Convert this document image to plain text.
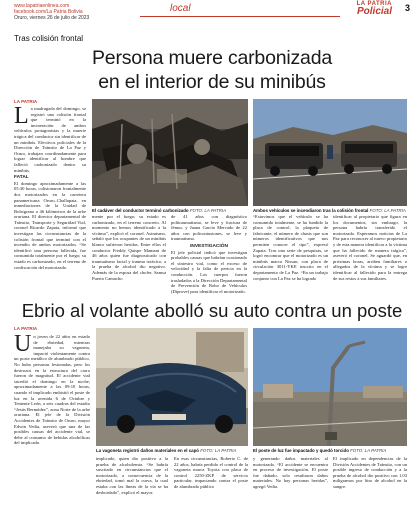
www.lapatriaenlinea.com
facebook.com/La Patria Bolivia
Oruro, viernes 26 de julio de 2023
local	LA PATRIA
Policial 3
Tras colisión frontal
Persona muere carbonizada
en el interior de su minibús
LA PATRIA
La madrugada del domingo, se registró una colisión frontal que terminó en la incineración de ambos vehículos protagonistas y la muerte trágica del conductor sin identificar de un minibús. Efectivos policiales de la Dirección de Tránsito de La Paz y Oruro, trabajan coordinadamente para lograr identificar al hombre que falleció carbonizado dentro su minibús.
FATAL
El domingo aproximadamente a las 05:30 horas, colisionaron frontalmente dos motorizados en la carretera panamericana Oruro–Challapata, en inmediaciones de la Unidad de Bolsigrano a 46 kilómetros de la urbe oruriana. El director departamental de Tránsito, Transporte y Seguridad Vial, coronel Ricardo Zapata, informó que investigan las circunstancias de la colisión frontal que terminó con el incendio de ambos motorizados. “Se identificó una persona fallecida, fue consumida totalmente por el fuego; su estado es carbonizado, en el terreno de confiscación del motorizado.
El cadáver del conductor terminó carbonizado FOTO: LA PATRIA	Ambos vehículos se incendiaron tras la colisión frontal FOTO: LA PATRIA
mente por el fuego; su estado es carbonizado, en el terreno concreto. Al momento no hemos identificado a la víctima”, explicó el coronel. Asimismo, señaló que los ocupantes de un minibús blanco sufrieron heridas. Entre ellos el conductor Freddy Quispe Mamani de 46 años quien fue diagnosticado con traumatismo facial y trauma torácico, a la prueba de alcohol dio negativo. Además de la esposa del chofer, Samsa Puerto Camacho
de 41 años con diagnóstico politraumatismo, se leve y fractura de fémur, y Juana García Mercado de 22 años con policontusiones, se leve y traumatismo.
INVESTIGACIÓN
El jefe policial indicó que investigan probables causas que habrían ocasionado el siniestro vial, como el exceso de velocidad y la falta de pericia en la conducción. Los cuerpos fueron trasladados a la Dirección Departamental de Prevención de Robo de Vehículos (Diprove) para identificar el motorizado.
“Estuvimos que el vehículo se ha consumido totalmente, se ha fundido la placa de control, la plaqueta de fabricante, el número de chasis que son números identificativos que nos permiten conocer el tipo”, expresó Zapata. Tras una serie de pesquisas, se logró encontrar que el motorizado es un minibús marca Nissan, con placa de circulación 3011-YKE inscrito en el departamento de La Paz. “En un trabajo conjunto con La Paz se ha logrado
identificar al propietario que figura en los documentos, sin embargo, la persona habría transferido el motorizado. Esperamos noticias de La Paz para reconocer al nuevo propietario y de esta manera identificar a la víctima que ha fallecido de manera trágica”, aseveró el coronel. Se aguardó que, en próximas horas, arriben familiares o allegados de la víctima y se logre identificar al fallecido para la entrega de sus restos a sus familiares.
Ebrio al volante abolló su auto contra un poste
LA PATRIA
Un joven de 22 años en estado de ebriedad, mientras manejaba su vagoneta, impactó violentamente contra un poste metálico de alumbrado público. No hubo personas lesionadas, pero los destrozos en la estructura del carro fueron de magnitud. El accidente vial sucedió el domingo en la noche, aproximadamente a las 09:10 horas, cuando el implicado embistió el poste de luz en la avenida 6 de Octubre y Teniente León, a seis cuadras del estadio “Jesús Bermúdez”, zona Norte de la urbe oruriana. El jefe de la División Accidentes de Tránsito de Oruro, mayor Edwin Vedia, aseveró que una de las posibles causas del accidente vial, se debe al consumo de bebidas alcohólicas del implicado.
La vagoneta registró daños materiales en el capó FOTO: LA PATRIA	El poste de luz fue impactado y quedó torcido FOTO: LA PATRIA
implicado, quien dio positivo a la prueba de alcoholemia. “Se habría suscitado en circunstancias que el motorizado, a consecuencia de la ebriedad, tomó mal la curva, la cual estaba con las líneas de la vía se ha desbordado”, explicó el mayor.
En esas circunstancias, Roberto C. de 22 años, habría perdido el control de la vagoneta marca Toyota con placa de control 2250-ZKP de servicio particular, impactando contra el poste de alumbrado público
y generando daños materiales al motorizado. “El accidente se encuentra en proceso de investigación. El poste fue dañado, solo resultaron daños materiales. No hay personas heridas”, agregó Vedia.
El implicado en dependencias de la División Accidentes de Tránsito, con un posible ingreso de conducción y a la prueba de alcohol dio positivo con 1.03 miligramos por litro de alcohol en la sangre.
